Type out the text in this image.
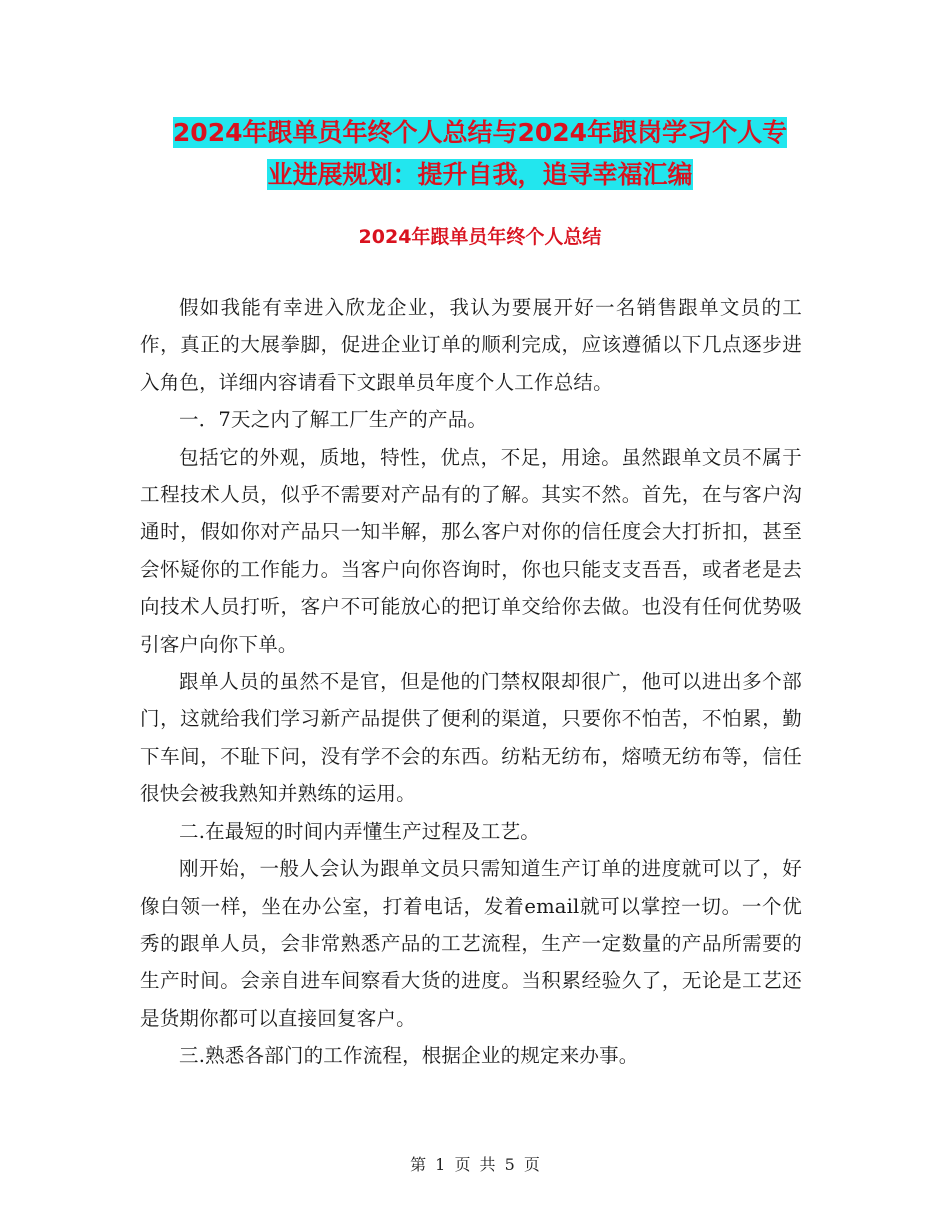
2024年跟单员年终个人总结与2024年跟岗学习个人专
业进展规划：提升自我，追寻幸福汇编
2024年跟单员年终个人总结

假如我能有幸进入欣龙企业，我认为要展开好一名销售跟单文员的工作，真正的大展拳脚，促进企业订单的顺利完成，应该遵循以下几点逐步进入角色，详细内容请看下文跟单员年度个人工作总结。

一．7天之内了解工厂生产的产品。

包括它的外观，质地，特性，优点，不足，用途。虽然跟单文员不属于工程技术人员，似乎不需要对产品有的了解。其实不然。首先，在与客户沟通时，假如你对产品只一知半解，那么客户对你的信任度会大打折扣，甚至会怀疑你的工作能力。当客户向你咨询时，你也只能支支吾吾，或者老是去向技术人员打听，客户不可能放心的把订单交给你去做。也没有任何优势吸引客户向你下单。

跟单人员的虽然不是官，但是他的门禁权限却很广，他可以进出多个部门，这就给我们学习新产品提供了便利的渠道，只要你不怕苦，不怕累，勤下车间，不耻下问，没有学不会的东西。纺粘无纺布，熔喷无纺布等，信任很快会被我熟知并熟练的运用。

二.在最短的时间内弄懂生产过程及工艺。

刚开始，一般人会认为跟单文员只需知道生产订单的进度就可以了，好像白领一样，坐在办公室，打着电话，发着email就可以掌控一切。一个优秀的跟单人员，会非常熟悉产品的工艺流程，生产一定数量的产品所需要的生产时间。会亲自进车间察看大货的进度。当积累经验久了，无论是工艺还是货期你都可以直接回复客户。

三.熟悉各部门的工作流程，根据企业的规定来办事。

第 1 页 共 5 页
